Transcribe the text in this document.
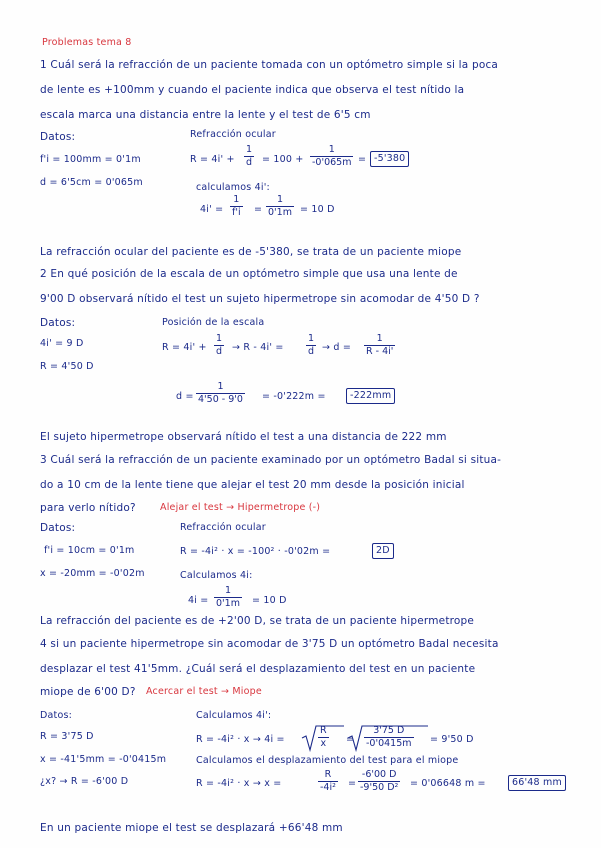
Problemas tema 8
1 Cuál será la refracción de un paciente tomada con un optómetro simple si la poca
de lente es +100mm y cuando el paciente indica que observa el test nítido la
escala marca una distancia entre la lente y el test de 6'5 cm
Datos:
f'i = 100mm = 0'1m
d = 6'5cm = 0'065m
Refracción ocular
$R = 4i' + \frac{1}{d} = 100 + \frac{1}{-0'065m} = -5'380$
calculamos 4i':
$4i' = \frac{1}{f'i} = \frac{1}{0'1m} = 10$ D
La refracción ocular del paciente es de -5'380, se trata de un paciente miope
2 En qué posición de la escala de un optómetro simple que usa una lente de
9'00 D observará nítido el test un sujeto hipermetrope sin acomodar de 4'50 D ?
Datos:
4i' = 9 D
R = 4'50 D
Posición de la escala
$R = 4i' + \frac{1}{d} \to R - 4i' = \frac{1}{d} \to d = \frac{1}{R - 4i'}$
$d = \frac{1}{4'50 - 9'0} = -0'222m$ =	-222mm
El sujeto hipermetrope observará nítido el test a una distancia de 222 mm
3 Cuál será la refracción de un paciente examinado por un optómetro Badal si situa-
do a 10 cm de la lente tiene que alejar el test 20 mm desde la posición inicial
para verlo nítido?	Alejar el test → Hipermetrope (-)
Datos:
f'i = 10cm = 0'1m
x = -20mm = -0'02m
Refracción ocular
R = -4i² · x = -100² · -0'02m =	2D
Calculamos 4i:
$4i = \frac{1}{0'1m} = 10$ D
La refracción del paciente es de +2'00 D, se trata de un paciente hipermetrope
4 si un paciente hipermetrope sin acomodar de 3'75 D un optómetro Badal necesita
desplazar el test 41'5mm. ¿Cuál será el desplazamiento del test en un paciente
miope de 6'00 D? Acercar el test → Miope
Datos:
R = 3'75 D
x = -41'5mm = -0'0415m
¿x? → R = -6'00 D
Calculamos 4i':
R = -4i² · x → 4i =	$\frac{R}{x} = \frac{3'75 D}{-0'0415m} = 9'50$ D
Calculamos el desplazamiento del test para el miope
R = -4i² · x → x =	$\frac{R}{\text{-4i²}} = \frac{-6'00 D}{\text{-9'50 D²}} = 0'06648$ m =	66'48 mm
En un paciente miope el test se desplazará +66'48 mm
